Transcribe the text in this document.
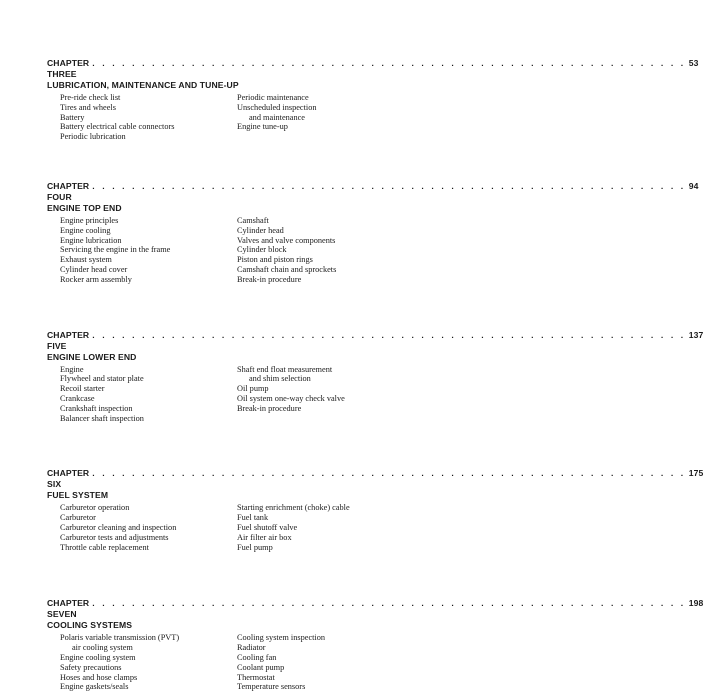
CHAPTER THREE
. . . . . . . . . . . . . . . . . . . . . . . . . . . . . . . . . . . . . . . . . . . . . . . . . . . . . . . . . . . . 53
LUBRICATION, MAINTENANCE AND TUNE-UP
Pre-ride check list
Tires and wheels
Battery
Battery electrical cable connectors
Periodic lubrication
Periodic maintenance
Unscheduled inspection
and maintenance
Engine tune-up
CHAPTER FOUR
. . . . . . . . . . . . . . . . . . . . . . . . . . . . . . . . . . . . . . . . . . . . . . . . . . . . . . . . . . . . 94
ENGINE TOP END
Engine principles
Engine cooling
Engine lubrication
Servicing the engine in the frame
Exhaust system
Cylinder head cover
Rocker arm assembly
Camshaft
Cylinder head
Valves and valve components
Cylinder block
Piston and piston rings
Camshaft chain and sprockets
Break-in procedure
CHAPTER FIVE
. . . . . . . . . . . . . . . . . . . . . . . . . . . . . . . . . . . . . . . . . . . . . . . . . . . . . . . . . . . . 137
ENGINE LOWER END
Engine
Flywheel and stator plate
Recoil starter
Crankcase
Crankshaft inspection
Balancer shaft inspection
Shaft end float measurement
and shim selection
Oil pump
Oil system one-way check valve
Break-in procedure
CHAPTER SIX
. . . . . . . . . . . . . . . . . . . . . . . . . . . . . . . . . . . . . . . . . . . . . . . . . . . . . . . . . . . . 175
FUEL SYSTEM
Carburetor operation
Carburetor
Carburetor cleaning and inspection
Carburetor tests and adjustments
Throttle cable replacement
Starting enrichment (choke) cable
Fuel tank
Fuel shutoff valve
Air filter air box
Fuel pump
CHAPTER SEVEN
. . . . . . . . . . . . . . . . . . . . . . . . . . . . . . . . . . . . . . . . . . . . . . . . . . . . . . . . . . . . 198
COOLING SYSTEMS
Polaris variable transmission (PVT)
air cooling system
Engine cooling system
Safety precautions
Hoses and hose clamps
Engine gaskets/seals
Cooling system inspection
Radiator
Cooling fan
Coolant pump
Thermostat
Temperature sensors
